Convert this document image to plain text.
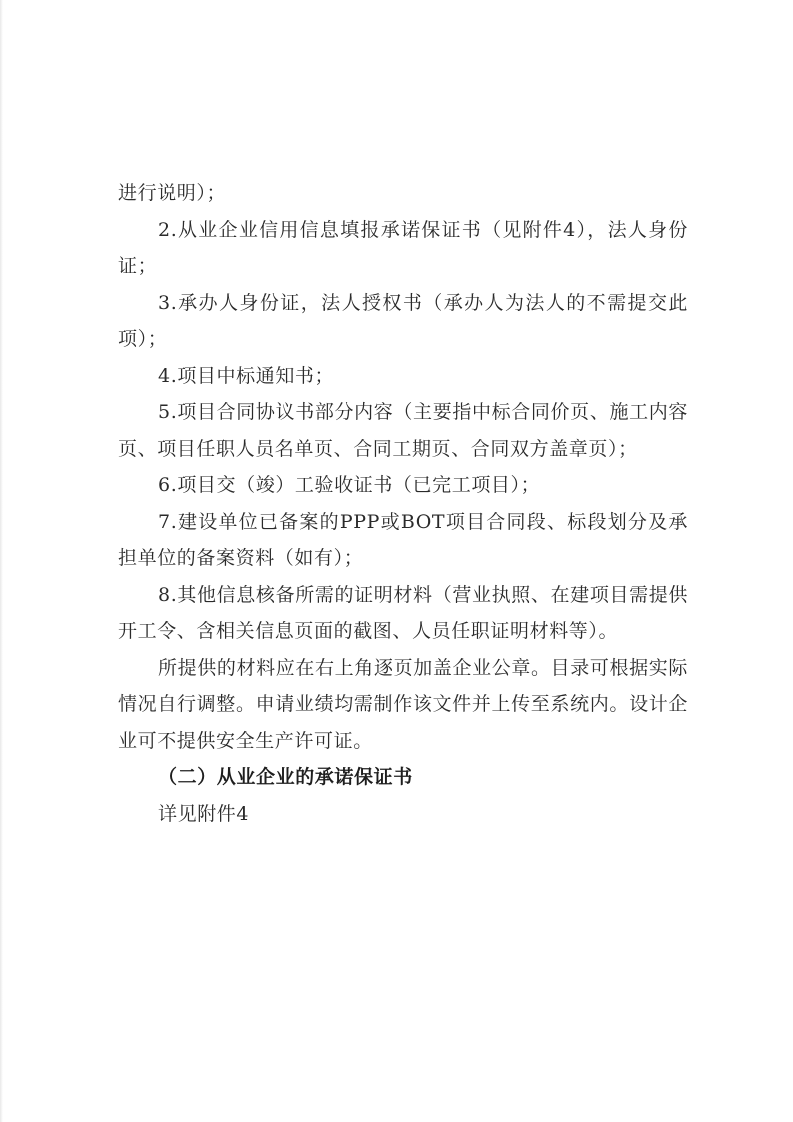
进行说明）；

2.从业企业信用信息填报承诺保证书（见附件4），法人身份证；

3.承办人身份证，法人授权书（承办人为法人的不需提交此项）；

4.项目中标通知书；

5.项目合同协议书部分内容（主要指中标合同价页、施工内容页、项目任职人员名单页、合同工期页、合同双方盖章页）；

6.项目交（竣）工验收证书（已完工项目）；

7.建设单位已备案的PPP或BOT项目合同段、标段划分及承担单位的备案资料（如有）；

8.其他信息核备所需的证明材料（营业执照、在建项目需提供开工令、含相关信息页面的截图、人员任职证明材料等）。

所提供的材料应在右上角逐页加盖企业公章。目录可根据实际情况自行调整。申请业绩均需制作该文件并上传至系统内。设计企业可不提供安全生产许可证。

（二）从业企业的承诺保证书

详见附件4
